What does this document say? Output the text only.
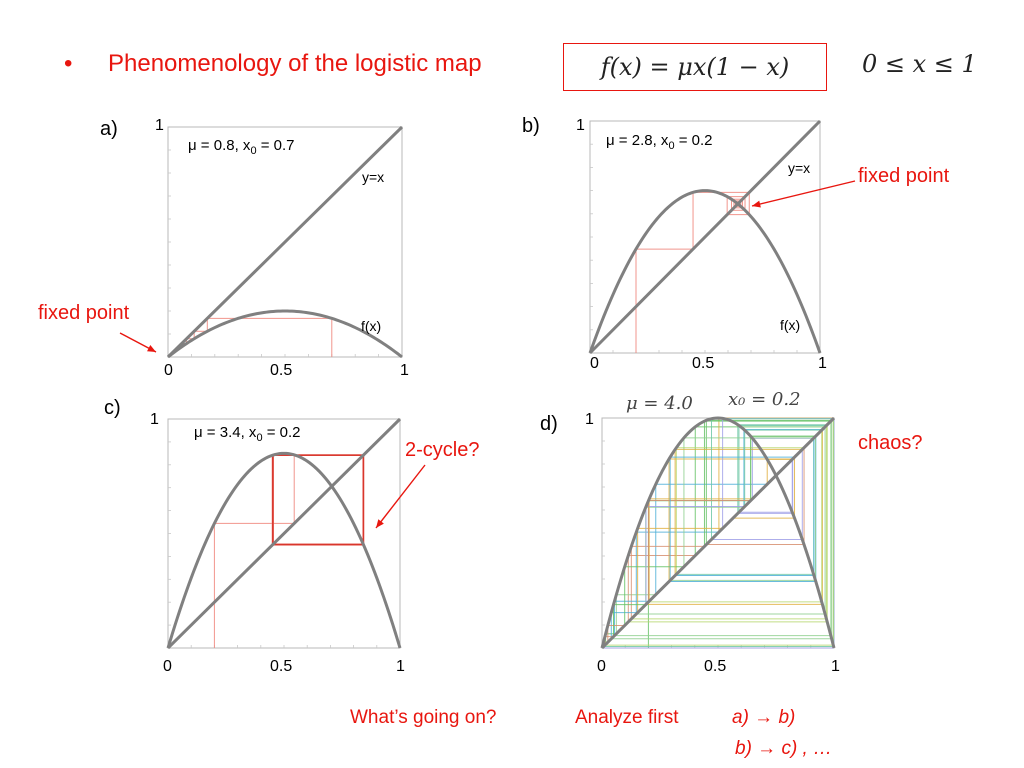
• Phenomenology of the logistic map	f(x) = μx(1 − x)	0 ≤ x ≤ 1
a)	b)
c)
d)
μ = 0.8, $x_0 = 0.7$
y=x
f(x)
1
0	0.5	1
μ = 2.8, $x_0 = 0.2$
y=x
f(x)
1
0	0.5	1
μ = 3.4, $x_0 = 0.2$
1
0	0.5	1
μ = 4.0 x₀ = 0.2
1
0	0.5	1
fixed point
fixed point
2-cycle?	chaos?
What’s going on?	Analyze first	a) → b)
b) → c) , …
